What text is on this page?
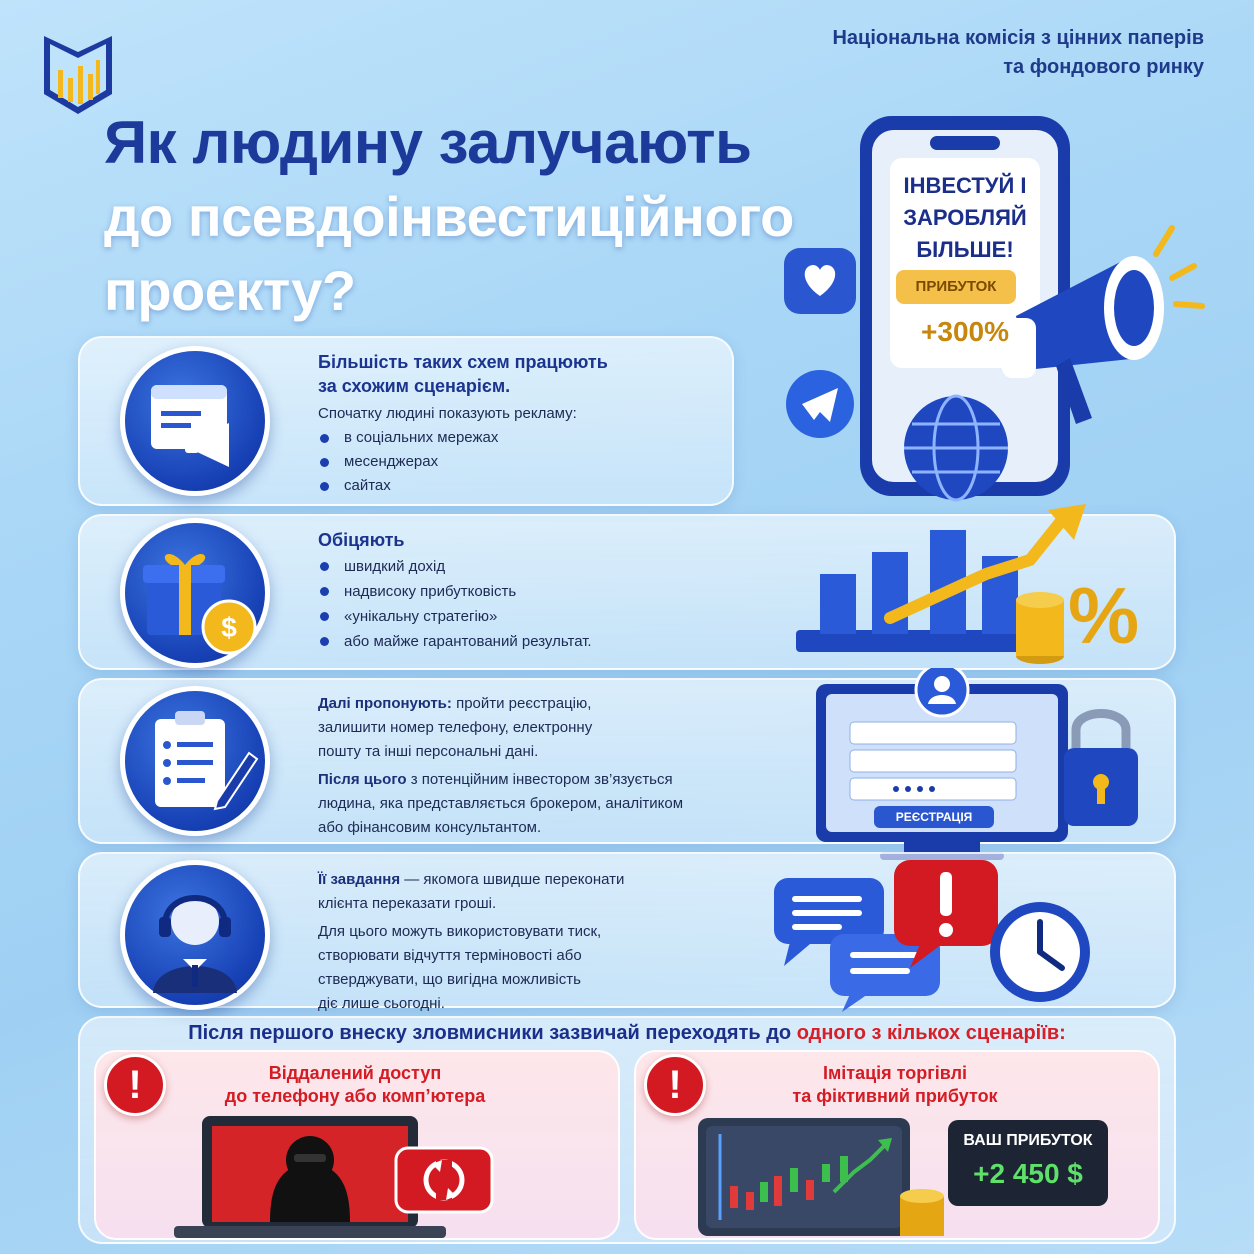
Національна комісія з цінних паперів
та фондового ринку
Як людину залучають
до псевдоінвестиційного
проекту?
ІНВЕСТУЙ І
ЗАРОБЛЯЙ
БІЛЬШЕ!
ПРИБУТОК
+300%
Більшість таких схем працюють
за схожим сценарієм.
Спочатку людині показують рекламу:
в соціальних мережах
месенджерах
сайтах
$
Обіцяють
швидкий дохід
надвисоку прибутковість
«унікальну стратегію»
або майже гарантований результат.	%
Далі пропонують: пройти реєстрацію,
залишити номер телефону, електронну
пошту та інші персональні дані.
Після цього з потенційним інвестором зв’язується
людина, яка представляється брокером, аналітиком
або фінансовим консультантом.
РЕЄСТРАЦІЯ
Її завдання — якомога швидше переконати
клієнта переказати гроші.
Для цього можуть використовувати тиск,
створювати відчуття терміновості або
стверджувати, що вигідна можливість
діє лише сьогодні.
Після першого внеску зловмисники зазвичай переходять до одного з кількох сценаріїв:
!	Віддалений доступ
до телефону або комп’ютера	!	Імітація торгівлі
та фіктивний прибуток
ВАШ ПРИБУТОК
+2 450 $
